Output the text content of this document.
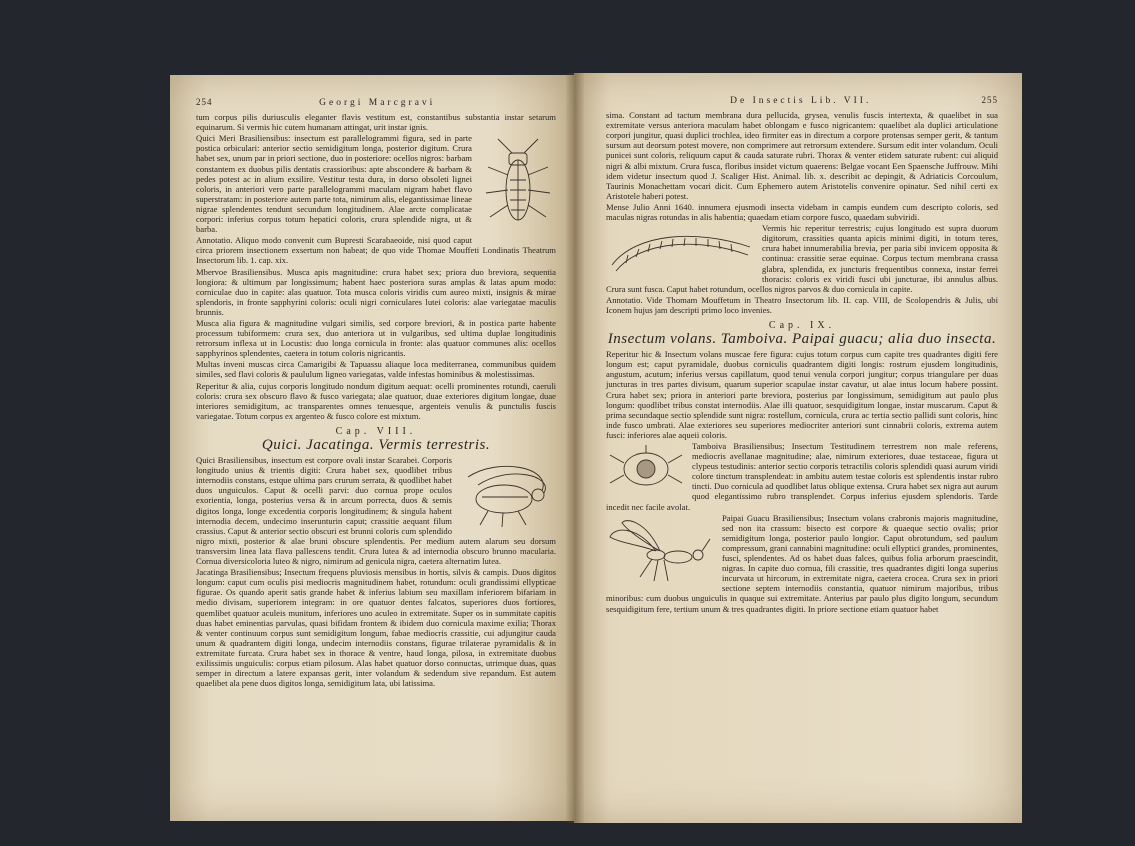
254	Georgi Marcgravi

tum corpus pilis duriusculis eleganter flavis vestitum est, constantibus substantia instar setarum equinarum. Si vermis hic cutem humanam attingat, urit instar ignis.

Quici Meri Brasiliensibus: insectum est parallelogrammi figura, sed in parte postica orbiculari: anterior sectio semidigitum longa, posterior digitum. Crura habet sex, unum par in priori sectione, duo in posteriore: ocellos nigros: barbam constantem ex duobus pilis dentatis crassioribus: apte abscondere & barbam & pedes potest ac in alium exsilire. Vestitur testa dura, in dorso obsoleti lignei coloris, in anteriori vero parte parallelogrammi maculam nigram habet flavo superstratam: in posteriore autem parte tota, nimirum alis, elegantissimae lineae nigrae splendentes tendunt secundum longitudinem. Alae arcte complicatae corpori: inferius corpus totum hepatici coloris, crura splendide nigra, ut & barba.

Annotatio. Aliquo modo convenit cum Bupresti Scarabaeoide, nisi quod caput circa priorem insectionem exsertum non habeat; de quo vide Thomae Mouffeti Londinatis Theatrum Insectorum lib. 1. cap. xix.

Mbervoe Brasiliensibus. Musca apis magnitudine: crura habet sex; priora duo breviora, sequentia longiora: & ultimum par longissimum; habent haec posteriora suras amplas & latas apum modo: corniculae duo in capite: alas quatuor. Tota musca coloris viridis cum aureo mixti, insignis & mirae splendoris, in fronte sapphyrini coloris: oculi nigri corniculares lutei coloris: alae variegatae maculis brunnis.

Musca alia figura & magnitudine vulgari similis, sed corpore breviori, & in postica parte habente processum tubiformem: crura sex, duo anteriora ut in vulgaribus, sed ultima duplae longitudinis retrorsum inflexa ut in Locustis: duo longa cornicula in fronte: alas quatuor communes alis: ocellos sapphyrinos splendentes, caetera in totum coloris nigricantis.

Multas inveni muscas circa Camarigibi & Tapuassu aliaque loca mediterranea, communibus quidem similes, sed flavi coloris & paululum ligneo variegatas, valde infestas hominibus & molestissimas.

Reperitur & alia, cujus corporis longitudo nondum digitum aequat: ocelli prominentes rotundi, caeruli coloris: crura sex obscuro flavo & fusco variegata; alae quatuor, duae exteriores digitum longae, duae interiores semidigitum, ac transparentes omnes tenuesque, argenteis venulis & punctulis fuscis variegatae. Totum corpus ex argenteo & fusco colore est mixtum.

Cap. VIII.
Quici. Jacatinga. Vermis terrestris.

Quici Brasiliensibus, insectum est corpore ovali instar Scarabei. Corporis longitudo unius & trientis digiti: Crura habet sex, quodlibet tribus internodiis constans, estque ultima pars crurum serrata, & quodlibet habet duos unguiculos. Caput & ocelli parvi: duo cornua prope oculos exorientia, longa, posterius versa & in arcum porrecta, duos & semis digitos longa, longe excedentia corporis longitudinem; & singula habent internodia decem, undecimo inserunturin caput; crassitie aequant filum crassius. Caput & anterior sectio obscuri est brunni coloris cum splendido nigro mixti, posterior & alae bruni obscure splendentis. Per medium autem alarum seu dorsum transversim linea lata flava pallescens tendit. Crura lutea & ad internodia obscuro brunno macularia. Cornua diversicoloria luteo & nigro, nimirum ad genicula nigra, caetera alternatim lutea.

Jacatinga Brasiliensibus; Insectum frequens pluviosis mensibus in hortis, silvis & campis. Duos digitos longum: caput cum oculis pisi mediocris magnitudinem habet, rotundum: oculi grandissimi ellypticae figurae. Os quando aperit satis grande habet & inferius labium seu maxillam inferiorem bifariam in medio divisam, superiorem integram: in ore quatuor dentes falcatos, superiores duos fortiores, quemlibet quatuor aculeis munitum, inferiores uno aculeo in extremitate. Super os in summitate capitis duas habet eminentias parvulas, quasi bifidam frontem & ibidem duo cornicula maxime exilia; Thorax & venter continuum corpus sunt semidigitum longum, fabae mediocris crassitie, cui adjungitur cauda unum & quadrantem digiti longa, undecim internodiis constans, figurae trilaterae pyramidalis & in extremitate furcata. Crura habet sex in thorace & ventre, haud longa, pilosa, in extremitate duobus exilissimis unguiculis: corpus etiam pilosum. Alas habet quatuor dorso connuctas, utrimque duas, quas semper in directum a latere expansas gerit, inter volandum & sedendum sive repandum. Est autem quaelibet ala pene duos digitos longa, semidigitum lata, ubi latissima.

De Insectis Lib. VII.	255

sima. Constant ad tactum membrana dura pellucida, grysea, venulis fuscis intertexta, & quaelibet in sua extremitate versus anteriora maculam habet oblongam e fusco nigricantem: quaelibet ala duplici articulatione corpori jungitur, quasi duplici trochlea, ideo firmiter eas in directum a corpore protensas semper gerit, & tantum sursum aut deorsum potest movere, non comprimere aut retrorsum extendere. Sursum edit inter volandum. Oculi punicei sunt coloris, reliquum caput & cauda saturate rubri. Thorax & venter etidem saturate rubent: cui aliquid nigri & albi mixtum. Crura fusca, floribus insidet victum quaerens: Belgae vocant Een Spaensche Juffrouw. Mihi idem videtur insectum quod J. Scaliger Hist. Animal. lib. x. describit ac depingit, & Adriaticis Corcoulum, Taurinis Monachettam vocari dicit. Cum Ephemero autem Aristotelis convenire opinatur. Sed nihil certi ex Aristotele haberi potest.

Mense Julio Anni 1640. innumera ejusmodi insecta videbam in campis eundem cum descripto coloris, sed maculas nigras rotundas in alis habentia; quaedam etiam corpore fusco, quaedam subviridi.

Vermis hic reperitur terrestris; cujus longitudo est supra duorum digitorum, crassities quanta apicis minimi digiti, in totum teres, crura habet innumerabilia brevia, per paria sibi invicem opposita & continua: crassitie serae equinae. Corpus tectum membrana crassa glabra, splendida, ex juncturis frequentibus connexa, instar ferrei thoracis: coloris ex viridi fusci ubi juncturae, ibi annulus albus. Crura sunt fusca. Caput habet rotundum, ocellos nigros parvos & duo cornicula in capite.

Annotatio. Vide Thomam Mouffetum in Theatro Insectorum lib. II. cap. VIII, de Scolopendris & Julis, ubi Iconem hujus jam descripti primo loco invenies.

Cap. IX.
Insectum volans. Tamboiva. Paipai guacu; alia duo insecta.

Reperitur hic & Insectum volans muscae fere figura: cujus totum corpus cum capite tres quadrantes digiti fere longum est; caput pyramidale, duobus corniculis quadrantem digiti longis: rostrum ejusdem longitudinis, angustum, acutum; inferius versus capillatum, quod tenui venula corpori jungitur; corpus triangulare per duas juncturas in tres partes divisum, quarum superior scapulae instar cavatur, ut alae intus locum habere possint. Crura habet sex; priora in anteriori parte breviora, posterius par longissimum, semidigitum aut paulo plus longum: quodlibet tribus constat internodiis. Alae illi quatuor, sesquidigitum longae, instar muscarum. Caput & prima secundaque sectio splendide sunt nigra: rostellum, cornicula, crura ac tertia sectio pallidi sunt coloris, hinc inde fusco umbrati. Alae exteriores seu superiores mediocriter anteriori sunt cinnabrii coloris, extrema autem fusci: inferiores alae aqueii coloris.

Tamboiva Brasiliensibus; Insectum Testitudinem terrestrem non male referens, mediocris avellanae magnitudine; alae, nimirum exteriores, duae testaceae, figura ut clypeus testudinis: anterior sectio corporis tetractilis coloris splendidi quasi aurum viridi colore tinctum transplendeat: in ambitu autem testae coloris est splendentis instar rubro tincti. Duo cornicula ad quodlibet latus oblique extensa. Crura habet sex nigra aut aurum quod elegantissimo rubro transplendet. Corpus inferius ejusdem splendoris. Tarde incedit nec facile avolat.

Paipai Guacu Brasiliensibus; Insectum volans crabronis majoris magnitudine, sed non ita crassum: bisecto est corpore & quaeque sectio ovalis; prior semidigitum longa, posterior paulo longior. Caput obrotundum, sed paulum compressum, grani cannabini magnitudine: oculi ellyptici grandes, prominentes, fusci, splendentes. Ad os habet duas falces, quibus folia arborum praescindit, nigras. In capite duo cornua, fili crassitie, tres quadrantes digiti longa superius incurvata ut hircorum, in extremitate nigra, caetera crocea. Crura sex in priori sectione septem internodiis constantia, quatuor nimirum majoribus, tribus minoribus: cum duobus unguiculis in quaque sui extremitate. Anterius par paulo plus digito longum, secundum sesquidigitum fere, tertium unum & tres quadrantes digiti. In priore sectione etiam quatuor habet
